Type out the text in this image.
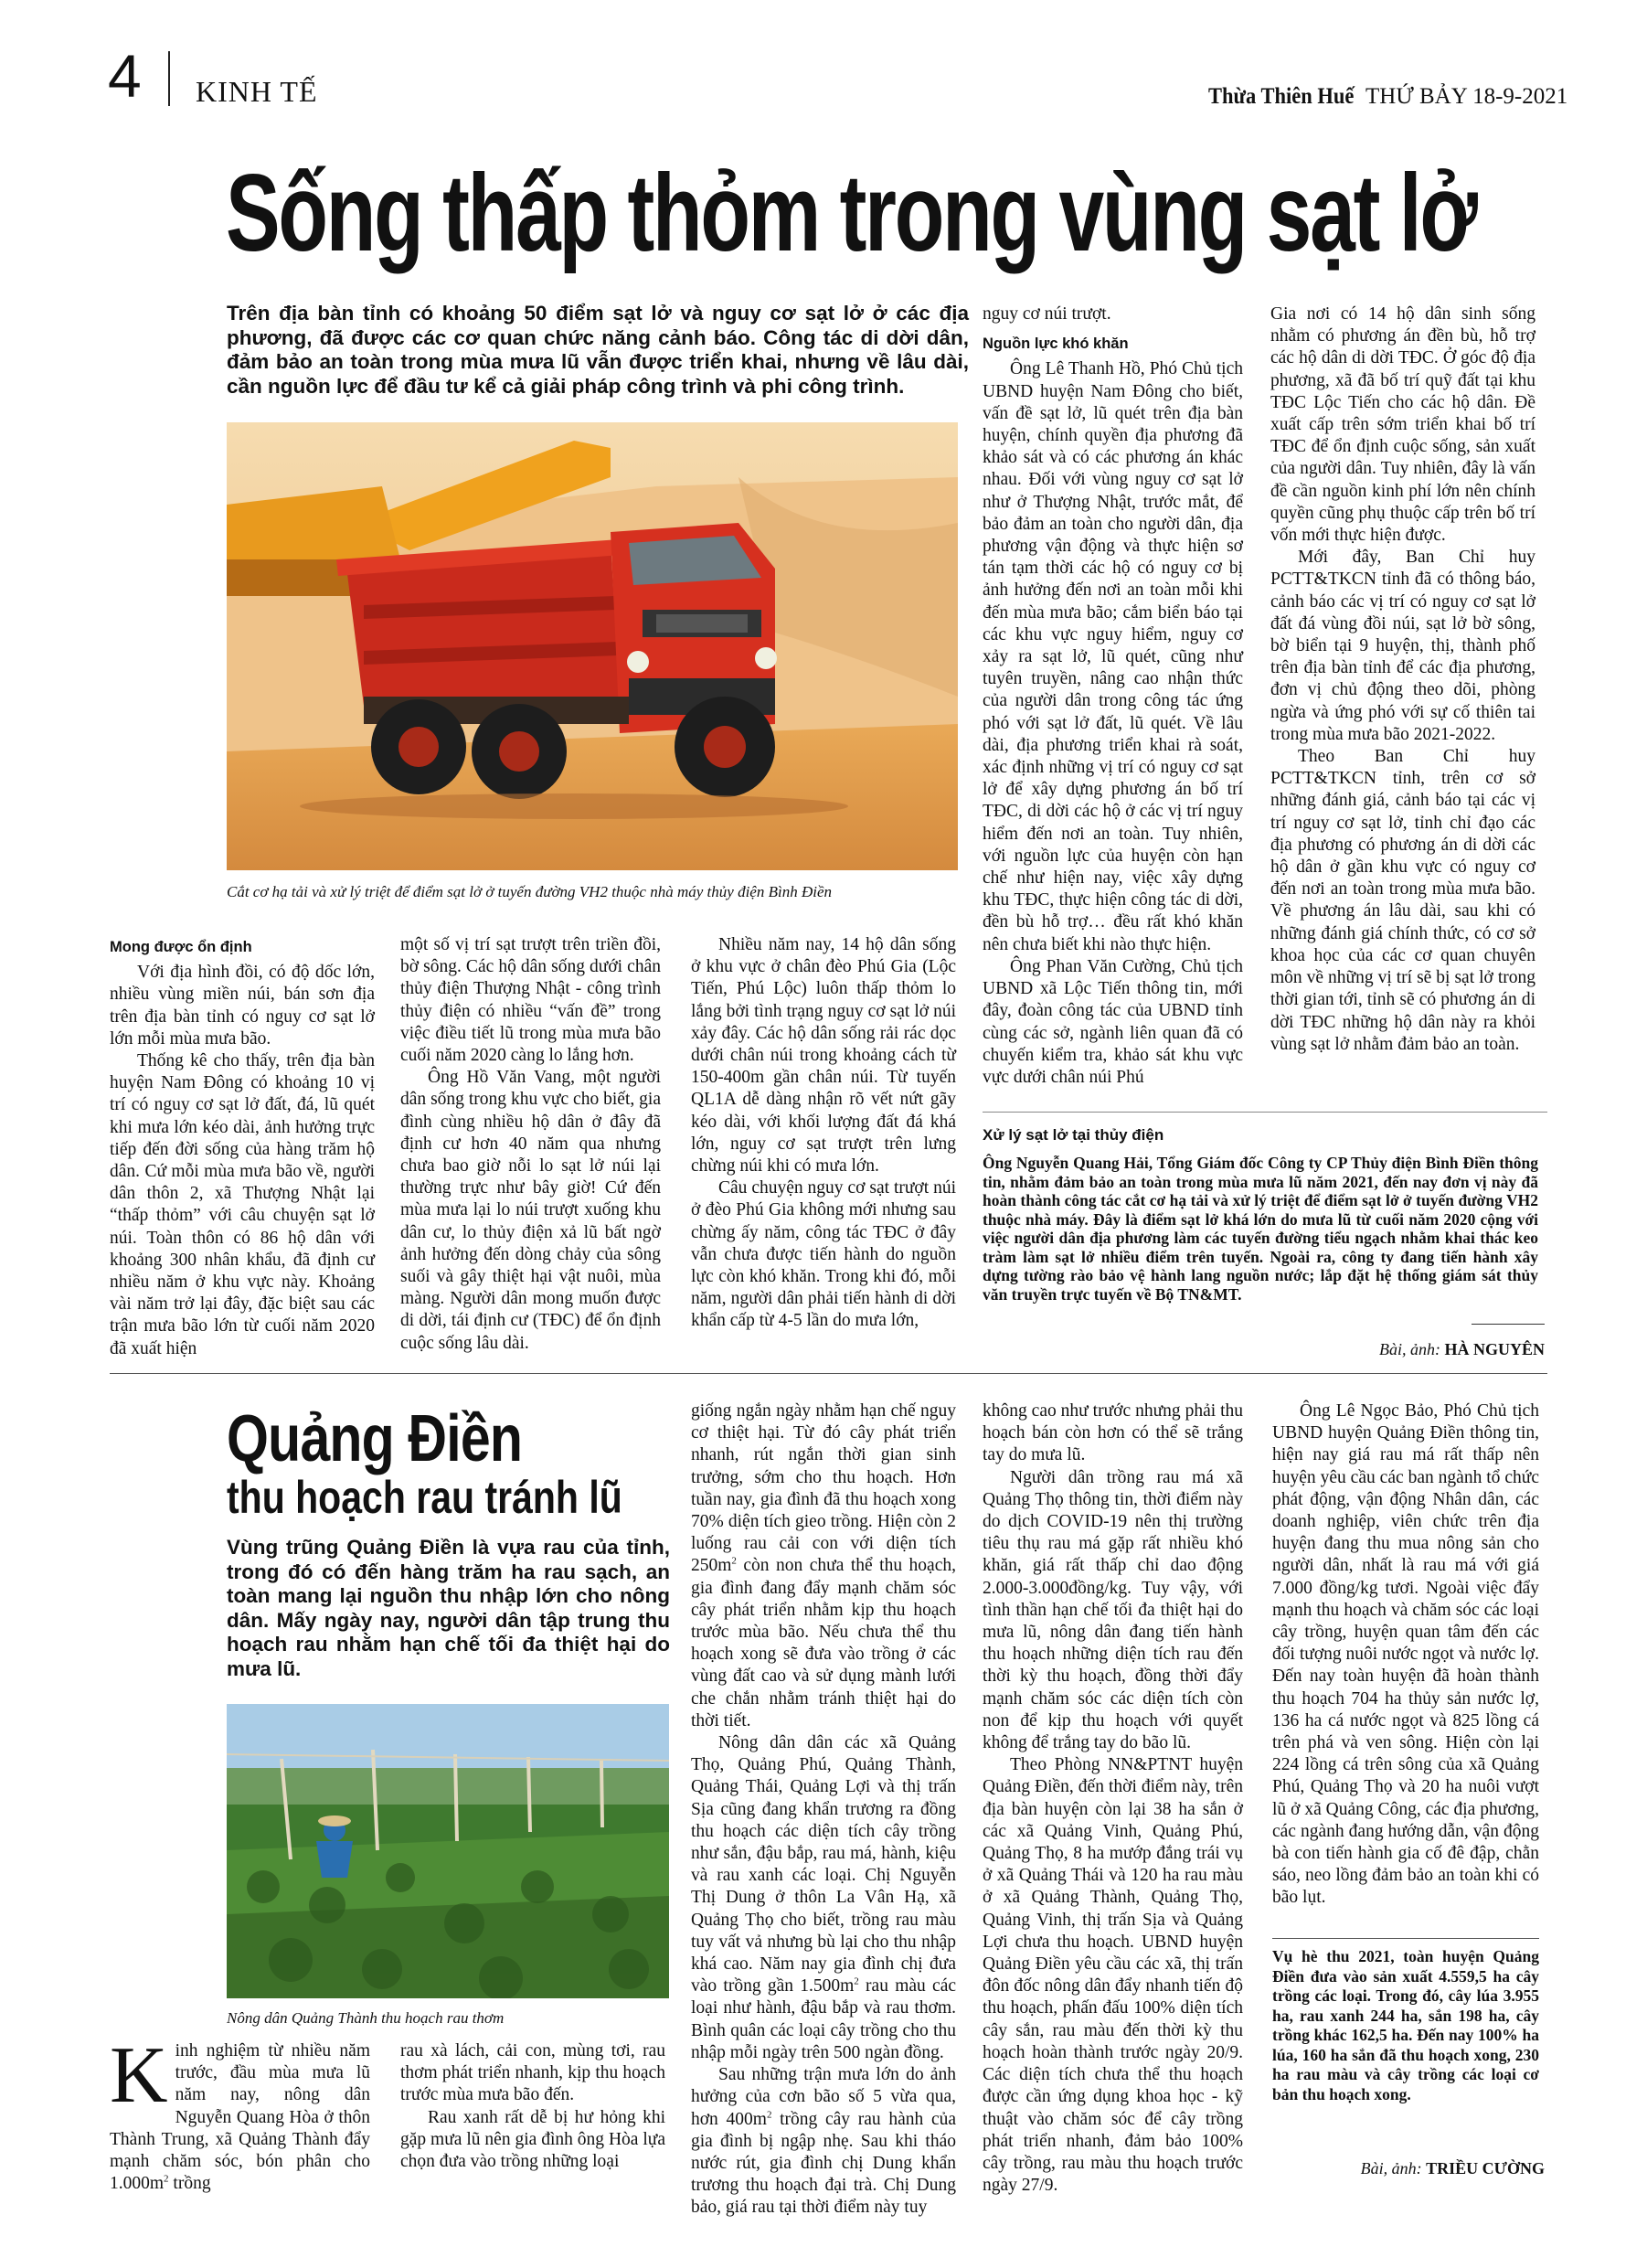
4 KINH TẾ	Thừa Thiên Huế THỨ BẢY 18-9-2021
Sống thấp thỏm trong vùng sạt lở
Trên địa bàn tỉnh có khoảng 50 điểm sạt lở và nguy cơ sạt lở ở các địa phương, đã được các cơ quan chức năng cảnh báo. Công tác di dời dân, đảm bảo an toàn trong mùa mưa lũ vẫn được triển khai, nhưng về lâu dài, cần nguồn lực để đầu tư kể cả giải pháp công trình và phi công trình.
Cắt cơ hạ tải và xử lý triệt để điểm sạt lở ở tuyến đường VH2 thuộc nhà máy thủy điện Bình Điền
Mong được ổn định

Với địa hình đồi, có độ dốc lớn, nhiều vùng miền núi, bán sơn địa trên địa bàn tỉnh có nguy cơ sạt lở lớn mỗi mùa mưa bão.

Thống kê cho thấy, trên địa bàn huyện Nam Đông có khoảng 10 vị trí có nguy cơ sạt lở đất, đá, lũ quét khi mưa lớn kéo dài, ảnh hưởng trực tiếp đến đời sống của hàng trăm hộ dân. Cứ mỗi mùa mưa bão về, người dân thôn 2, xã Thượng Nhật lại “thấp thỏm” với câu chuyện sạt lở núi. Toàn thôn có 86 hộ dân với khoảng 300 nhân khẩu, đã định cư nhiều năm ở khu vực này. Khoảng vài năm trở lại đây, đặc biệt sau các trận mưa bão lớn từ cuối năm 2020 đã xuất hiện

một số vị trí sạt trượt trên triền đồi, bờ sông. Các hộ dân sống dưới chân thủy điện Thượng Nhật - công trình thủy điện có nhiều “vấn đề” trong việc điều tiết lũ trong mùa mưa bão cuối năm 2020 càng lo lắng hơn.

Ông Hồ Văn Vang, một người dân sống trong khu vực cho biết, gia đình cùng nhiều hộ dân ở đây đã định cư hơn 40 năm qua nhưng chưa bao giờ nỗi lo sạt lở núi lại thường trực như bây giờ! Cứ đến mùa mưa lại lo núi trượt xuống khu dân cư, lo thủy điện xả lũ bất ngờ ảnh hưởng đến dòng chảy của sông suối và gây thiệt hại vật nuôi, mùa màng. Người dân mong muốn được di dời, tái định cư (TĐC) để ổn định cuộc sống lâu dài.

Nhiều năm nay, 14 hộ dân sống ở khu vực ở chân đèo Phú Gia (Lộc Tiến, Phú Lộc) luôn thấp thỏm lo lắng bởi tình trạng nguy cơ sạt lở núi xảy đây. Các hộ dân sống rải rác dọc dưới chân núi trong khoảng cách từ 150-400m gần chân núi. Từ tuyến QL1A dễ dàng nhận rõ vết nứt gãy kéo dài, với khối lượng đất đá khá lớn, nguy cơ sạt trượt trên lưng chừng núi khi có mưa lớn.

Câu chuyện nguy cơ sạt trượt núi ở đèo Phú Gia không mới nhưng sau chừng ấy năm, công tác TĐC ở đây vẫn chưa được tiến hành do nguồn lực còn khó khăn. Trong khi đó, mỗi năm, người dân phải tiến hành di dời khẩn cấp từ 4-5 lần do mưa lớn,

nguy cơ núi trượt.

Nguồn lực khó khăn

Ông Lê Thanh Hồ, Phó Chủ tịch UBND huyện Nam Đông cho biết, vấn đề sạt lở, lũ quét trên địa bàn huyện, chính quyền địa phương đã khảo sát và có các phương án khác nhau. Đối với vùng nguy cơ sạt lở như ở Thượng Nhật, trước mắt, để bảo đảm an toàn cho người dân, địa phương vận động và thực hiện sơ tán tạm thời các hộ có nguy cơ bị ảnh hưởng đến nơi an toàn mỗi khi đến mùa mưa bão; cắm biển báo tại các khu vực nguy hiểm, nguy cơ xảy ra sạt lở, lũ quét, cũng như tuyên truyền, nâng cao nhận thức của người dân trong công tác ứng phó với sạt lở đất, lũ quét. Về lâu dài, địa phương triển khai rà soát, xác định những vị trí có nguy cơ sạt lở để xây dựng phương án bố trí TĐC, di dời các hộ ở các vị trí nguy hiểm đến nơi an toàn. Tuy nhiên, với nguồn lực của huyện còn hạn chế như hiện nay, việc xây dựng khu TĐC, thực hiện công tác di dời, đền bù hỗ trợ… đều rất khó khăn nên chưa biết khi nào thực hiện.

Ông Phan Văn Cường, Chủ tịch UBND xã Lộc Tiến thông tin, mới đây, đoàn công tác của UBND tỉnh cùng các sở, ngành liên quan đã có chuyến kiểm tra, khảo sát khu vực vực dưới chân núi Phú

Gia nơi có 14 hộ dân sinh sống nhằm có phương án đền bù, hỗ trợ các hộ dân di dời TĐC. Ở góc độ địa phương, xã đã bố trí quỹ đất tại khu TĐC Lộc Tiến cho các hộ dân. Đề xuất cấp trên sớm triển khai bố trí TĐC để ổn định cuộc sống, sản xuất của người dân. Tuy nhiên, đây là vấn đề cần nguồn kinh phí lớn nên chính quyền cũng phụ thuộc cấp trên bố trí vốn mới thực hiện được.

Mới đây, Ban Chỉ huy PCTT&TKCN tỉnh đã có thông báo, cảnh báo các vị trí có nguy cơ sạt lở đất đá vùng đồi núi, sạt lở bờ sông, bờ biển tại 9 huyện, thị, thành phố trên địa bàn tỉnh để các địa phương, đơn vị chủ động theo dõi, phòng ngừa và ứng phó với sự cố thiên tai trong mùa mưa bão 2021-2022.

Theo Ban Chỉ huy PCTT&TKCN tỉnh, trên cơ sở những đánh giá, cảnh báo tại các vị trí nguy cơ sạt lở, tỉnh chỉ đạo các địa phương có phương án di dời các hộ dân ở gần khu vực có nguy cơ đến nơi an toàn trong mùa mưa bão. Về phương án lâu dài, sau khi có những đánh giá chính thức, có cơ sở khoa học của các cơ quan chuyên môn về những vị trí sẽ bị sạt lở trong thời gian tới, tỉnh sẽ có phương án di dời TĐC những hộ dân này ra khỏi vùng sạt lở nhằm đảm bảo an toàn.

Xử lý sạt lở tại thủy điện
Ông Nguyễn Quang Hải, Tổng Giám đốc Công ty CP Thủy điện Bình Điền thông tin, nhằm đảm bảo an toàn trong mùa mưa lũ năm 2021, đến nay đơn vị này đã hoàn thành công tác cắt cơ hạ tải và xử lý triệt để điểm sạt lở ở tuyến đường VH2 thuộc nhà máy. Đây là điểm sạt lở khá lớn do mưa lũ từ cuối năm 2020 cộng với việc người dân địa phương làm các tuyến đường tiểu ngạch nhằm khai thác keo tràm làm sạt lở nhiều điểm trên tuyến. Ngoài ra, công ty đang tiến hành xây dựng tường rào bảo vệ hành lang nguồn nước; lắp đặt hệ thống giám sát thủy văn truyền trực tuyến về Bộ TN&MT.
Bài, ảnh: HÀ NGUYÊN
Quảng Điền
thu hoạch rau tránh lũ
Vùng trũng Quảng Điền là vựa rau của tỉnh, trong đó có đến hàng trăm ha rau sạch, an toàn mang lại nguồn thu nhập lớn cho nông dân. Mấy ngày nay, người dân tập trung thu hoạch rau nhằm hạn chế tối đa thiệt hại do mưa lũ.
Nông dân Quảng Thành thu hoạch rau thơm

Kinh nghiệm từ nhiều năm trước, đầu mùa mưa lũ năm nay, nông dân Nguyễn Quang Hòa ở thôn Thành Trung, xã Quảng Thành đẩy mạnh chăm sóc, bón phân cho $1.000m^2$ trồng

rau xà lách, cải con, mùng tơi, rau thơm phát triển nhanh, kịp thu hoạch trước mùa mưa bão đến.

Rau xanh rất dễ bị hư hỏng khi gặp mưa lũ nên gia đình ông Hòa lựa chọn đưa vào trồng những loại

giống ngắn ngày nhằm hạn chế nguy cơ thiệt hại. Từ đó cây phát triển nhanh, rút ngắn thời gian sinh trưởng, sớm cho thu hoạch. Hơn tuần nay, gia đình đã thu hoạch xong 70% diện tích gieo trồng. Hiện còn 2 luống rau cải con với diện tích $250m^2$ còn non chưa thể thu hoạch, gia đình đang đẩy mạnh chăm sóc cây phát triển nhằm kịp thu hoạch trước mùa bão. Nếu chưa thể thu hoạch xong sẽ đưa vào trồng ở các vùng đất cao và sử dụng mành lưới che chắn nhằm tránh thiệt hại do thời tiết.

Nông dân dân các xã Quảng Thọ, Quảng Phú, Quảng Thành, Quảng Thái, Quảng Lợi và thị trấn Sịa cũng đang khẩn trương ra đồng thu hoạch các diện tích cây trồng như sắn, đậu bắp, rau má, hành, kiệu và rau xanh các loại. Chị Nguyễn Thị Dung ở thôn La Vân Hạ, xã Quảng Thọ cho biết, trồng rau màu tuy vất vả nhưng bù lại cho thu nhập khá cao. Năm nay gia đình chị đưa vào trồng gần $1.500m^2$ rau màu các loại như hành, đậu bắp và rau thơm. Bình quân các loại cây trồng cho thu nhập mỗi ngày trên 500 ngàn đồng.

Sau những trận mưa lớn do ảnh hưởng của cơn bão số 5 vừa qua, hơn $400m^2$ trồng cây rau hành của gia đình bị ngập nhẹ. Sau khi tháo nước rút, gia đình chị Dung khẩn trương thu hoạch đại trà. Chị Dung bảo, giá rau tại thời điểm này tuy

không cao như trước nhưng phải thu hoạch bán còn hơn có thể sẽ trắng tay do mưa lũ.

Người dân trồng rau má xã Quảng Thọ thông tin, thời điểm này do dịch COVID-19 nên thị trường tiêu thụ rau má gặp rất nhiều khó khăn, giá rất thấp chỉ dao động 2.000-3.000đồng/kg. Tuy vậy, với tình thần hạn chế tối đa thiệt hại do mưa lũ, nông dân đang tiến hành thu hoạch những diện tích rau đến thời kỳ thu hoạch, đồng thời đẩy mạnh chăm sóc các diện tích còn non để kịp thu hoạch với quyết không để trắng tay do bão lũ.

Theo Phòng NN&PTNT huyện Quảng Điền, đến thời điểm này, trên địa bàn huyện còn lại 38 ha sắn ở các xã Quảng Vinh, Quảng Phú, Quảng Thọ, 8 ha mướp đắng trái vụ ở xã Quảng Thái và 120 ha rau màu ở xã Quảng Thành, Quảng Thọ, Quảng Vinh, thị trấn Sịa và Quảng Lợi chưa thu hoạch. UBND huyện Quảng Điền yêu cầu các xã, thị trấn đôn đốc nông dân đẩy nhanh tiến độ thu hoạch, phấn đấu 100% diện tích cây sắn, rau màu đến thời kỳ thu hoạch hoàn thành trước ngày 20/9. Các diện tích chưa thể thu hoạch được cần ứng dụng khoa học - kỹ thuật vào chăm sóc để cây trồng phát triển nhanh, đảm bảo 100% cây trồng, rau màu thu hoạch trước ngày 27/9.

Ông Lê Ngọc Bảo, Phó Chủ tịch UBND huyện Quảng Điền thông tin, hiện nay giá rau má rất thấp nên huyện yêu cầu các ban ngành tổ chức phát động, vận động Nhân dân, các doanh nghiệp, viên chức trên địa huyện đang thu mua nông sản cho người dân, nhất là rau má với giá 7.000 đồng/kg tươi. Ngoài việc đẩy mạnh thu hoạch và chăm sóc các loại cây trồng, huyện quan tâm đến các đối tượng nuôi nước ngọt và nước lợ. Đến nay toàn huyện đã hoàn thành thu hoạch 704 ha thủy sản nước lợ, 136 ha cá nước ngọt và 825 lồng cá trên phá và ven sông. Hiện còn lại 224 lồng cá trên sông của xã Quảng Phú, Quảng Thọ và 20 ha nuôi vượt lũ ở xã Quảng Công, các địa phương, các ngành đang hướng dẫn, vận động bà con tiến hành gia cố đê đập, chằn sáo, neo lồng đảm bảo an toàn khi có bão lụt.

Vụ hè thu 2021, toàn huyện Quảng Điền đưa vào sản xuất 4.559,5 ha cây trồng các loại. Trong đó, cây lúa 3.955 ha, rau xanh 244 ha, sắn 198 ha, cây trồng khác 162,5 ha. Đến nay 100% ha lúa, 160 ha sắn đã thu hoạch xong, 230 ha rau màu và cây trồng các loại cơ bản thu hoạch xong.
Bài, ảnh: TRIỀU CƯỜNG
